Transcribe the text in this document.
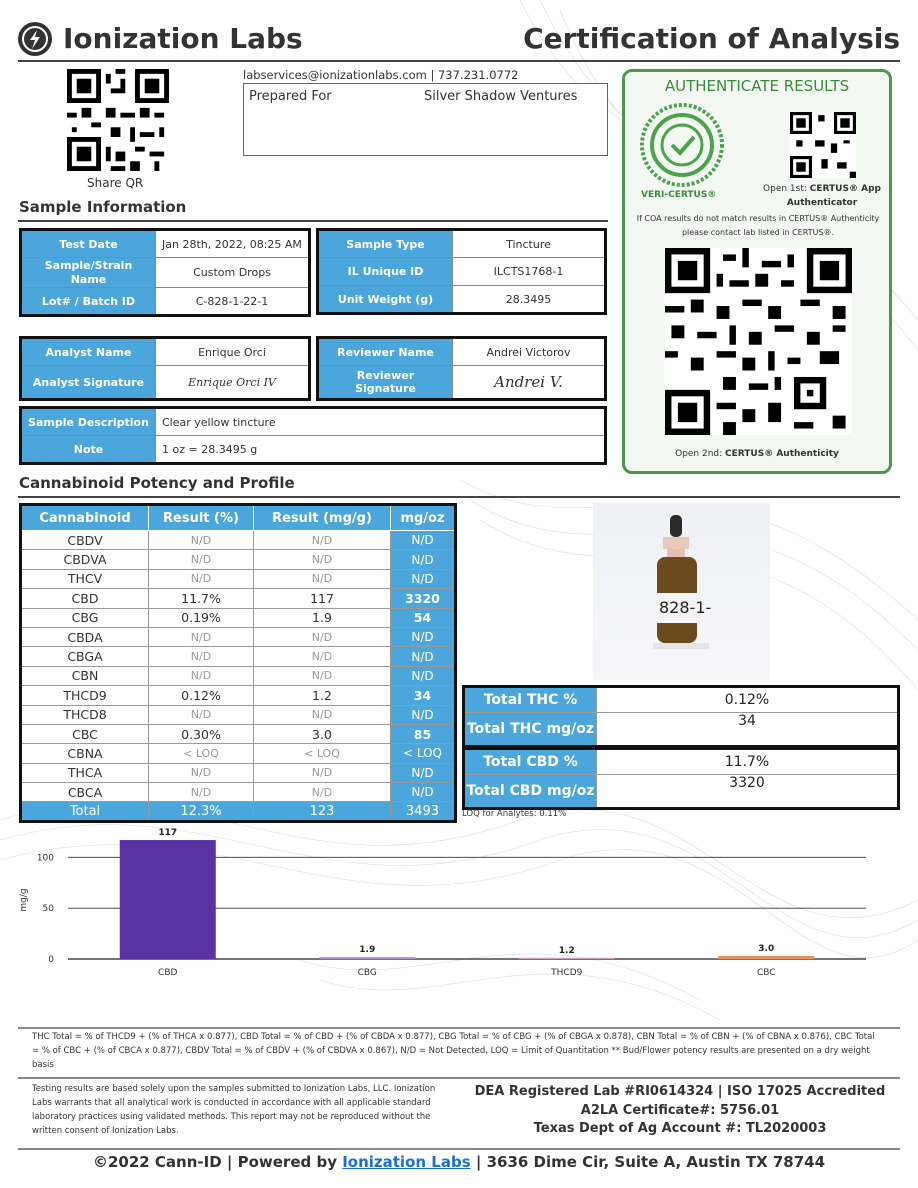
Ionization Labs	Certification of Analysis
Share QR
labservices@ionizationlabs.com | 737.231.0772
Prepared For	Silver Shadow Ventures
AUTHENTICATE RESULTS
VERI-CERTUS®
Open 1st: CERTUS® App Authenticator
If COA results do not match results in CERTUS® Authenticity please contact lab listed in CERTUS®.
Open 2nd: CERTUS® Authenticity
Sample Information
Test Date	Jan 28th, 2022, 08:25 AM
Sample/Strain Name	Custom Drops
Lot# / Batch ID	C-828-1-22-1
Sample Type	Tincture
IL Unique ID	ILCTS1768-1
Unit Weight (g)	28.3495
Analyst Name	Enrique Orci
Analyst Signature	Enrique Orci IV
Reviewer Name	Andrei Victorov
Reviewer Signature	Andrei V.
Sample Description	Clear yellow tincture
Note	1 oz = 28.3495 g
Cannabinoid Potency and Profile
Cannabinoid	Result (%)	Result (mg/g)	mg/oz
CBDV	N/D	N/D	N/D
CBDVA	N/D	N/D	N/D
THCV	N/D	N/D	N/D
CBD	11.7%	117	3320
CBG	0.19%	1.9	54
CBDA	N/D	N/D	N/D
CBGA	N/D	N/D	N/D
CBN	N/D	N/D	N/D
THCD9	0.12%	1.2	34
THCD8	N/D	N/D	N/D
CBC	0.30%	3.0	85
CBNA	< LOQ	< LOQ	< LOQ
THCA	N/D	N/D	N/D
CBCA	N/D	N/D	N/D
Total	12.3%	123	3493
828-1-
Total THC %	0.12%
Total THC mg/oz	34
Total CBD %	11.7%
Total CBD mg/oz	3320
LOQ for Analytes: 0.11%
0
50
100
mg/g
117
CBD
1.9
CBG
1.2
THCD9
3.0
CBC
THC Total = % of THCD9 + (% of THCA x 0.877), CBD Total = % of CBD + (% of CBDA x 0.877), CBG Total = % of CBG + (% of CBGA x 0.878), CBN Total = % of CBN + (% of CBNA x 0.876), CBC Total = % of CBC + (% of CBCA x 0.877), CBDV Total = % of CBDV + (% of CBDVA x 0.867), N/D = Not Detected, LOQ = Limit of Quantitation ** Bud/Flower potency results are presented on a dry weight basis
Testing results are based solely upon the samples submitted to Ionization Labs, LLC. Ionization Labs warrants that all analytical work is conducted in accordance with all applicable standard laboratory practices using validated methods. This report may not be reproduced without the written consent of Ionization Labs.
DEA Registered Lab #RI0614324 | ISO 17025 Accredited
A2LA Certificate#: 5756.01
Texas Dept of Ag Account #: TL2020003
©2022 Cann-ID | Powered by Ionization Labs | 3636 Dime Cir, Suite A, Austin TX 78744
